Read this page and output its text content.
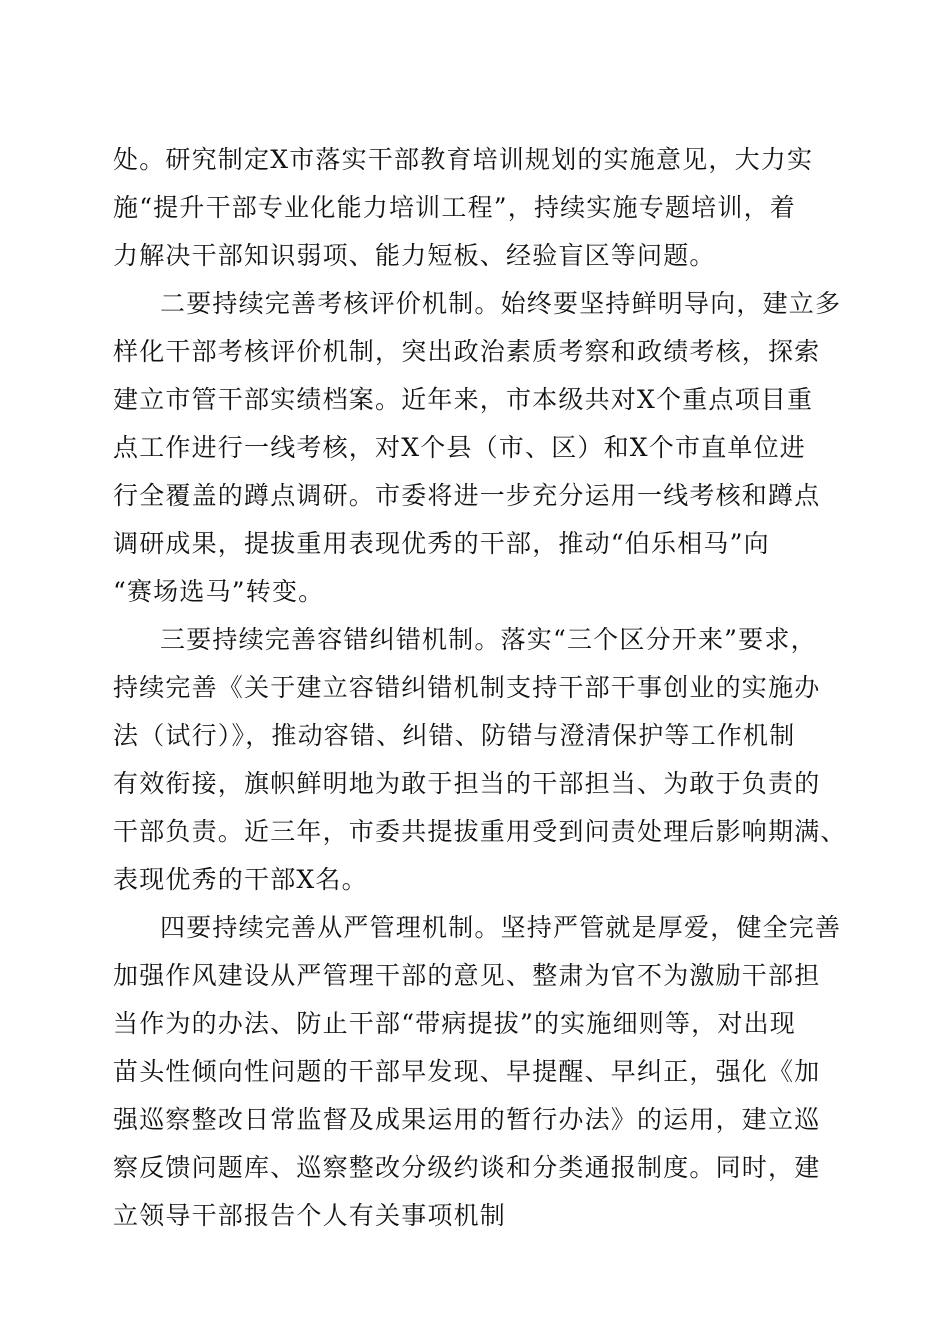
处。研究制定X市落实干部教育培训规划的实施意见，大力实
施“提升干部专业化能力培训工程”，持续实施专题培训，着
力解决干部知识弱项、能力短板、经验盲区等问题。
二要持续完善考核评价机制。始终要坚持鲜明导向，建立多
样化干部考核评价机制，突出政治素质考察和政绩考核，探索
建立市管干部实绩档案。近年来，市本级共对X个重点项目重
点工作进行一线考核，对X个县（市、区）和X个市直单位进
行全覆盖的蹲点调研。市委将进一步充分运用一线考核和蹲点
调研成果，提拔重用表现优秀的干部，推动“伯乐相马”向
“赛场选马”转变。
三要持续完善容错纠错机制。落实“三个区分开来”要求，
持续完善《关于建立容错纠错机制支持干部干事创业的实施办
法（试行）》，推动容错、纠错、防错与澄清保护等工作机制
有效衔接，旗帜鲜明地为敢于担当的干部担当、为敢于负责的
干部负责。近三年，市委共提拔重用受到问责处理后影响期满、
表现优秀的干部X名。
四要持续完善从严管理机制。坚持严管就是厚爱，健全完善
加强作风建设从严管理干部的意见、整肃为官不为激励干部担
当作为的办法、防止干部“带病提拔”的实施细则等，对出现
苗头性倾向性问题的干部早发现、早提醒、早纠正，强化《加
强巡察整改日常监督及成果运用的暂行办法》的运用，建立巡
察反馈问题库、巡察整改分级约谈和分类通报制度。同时，建
立领导干部报告个人有关事项机制
